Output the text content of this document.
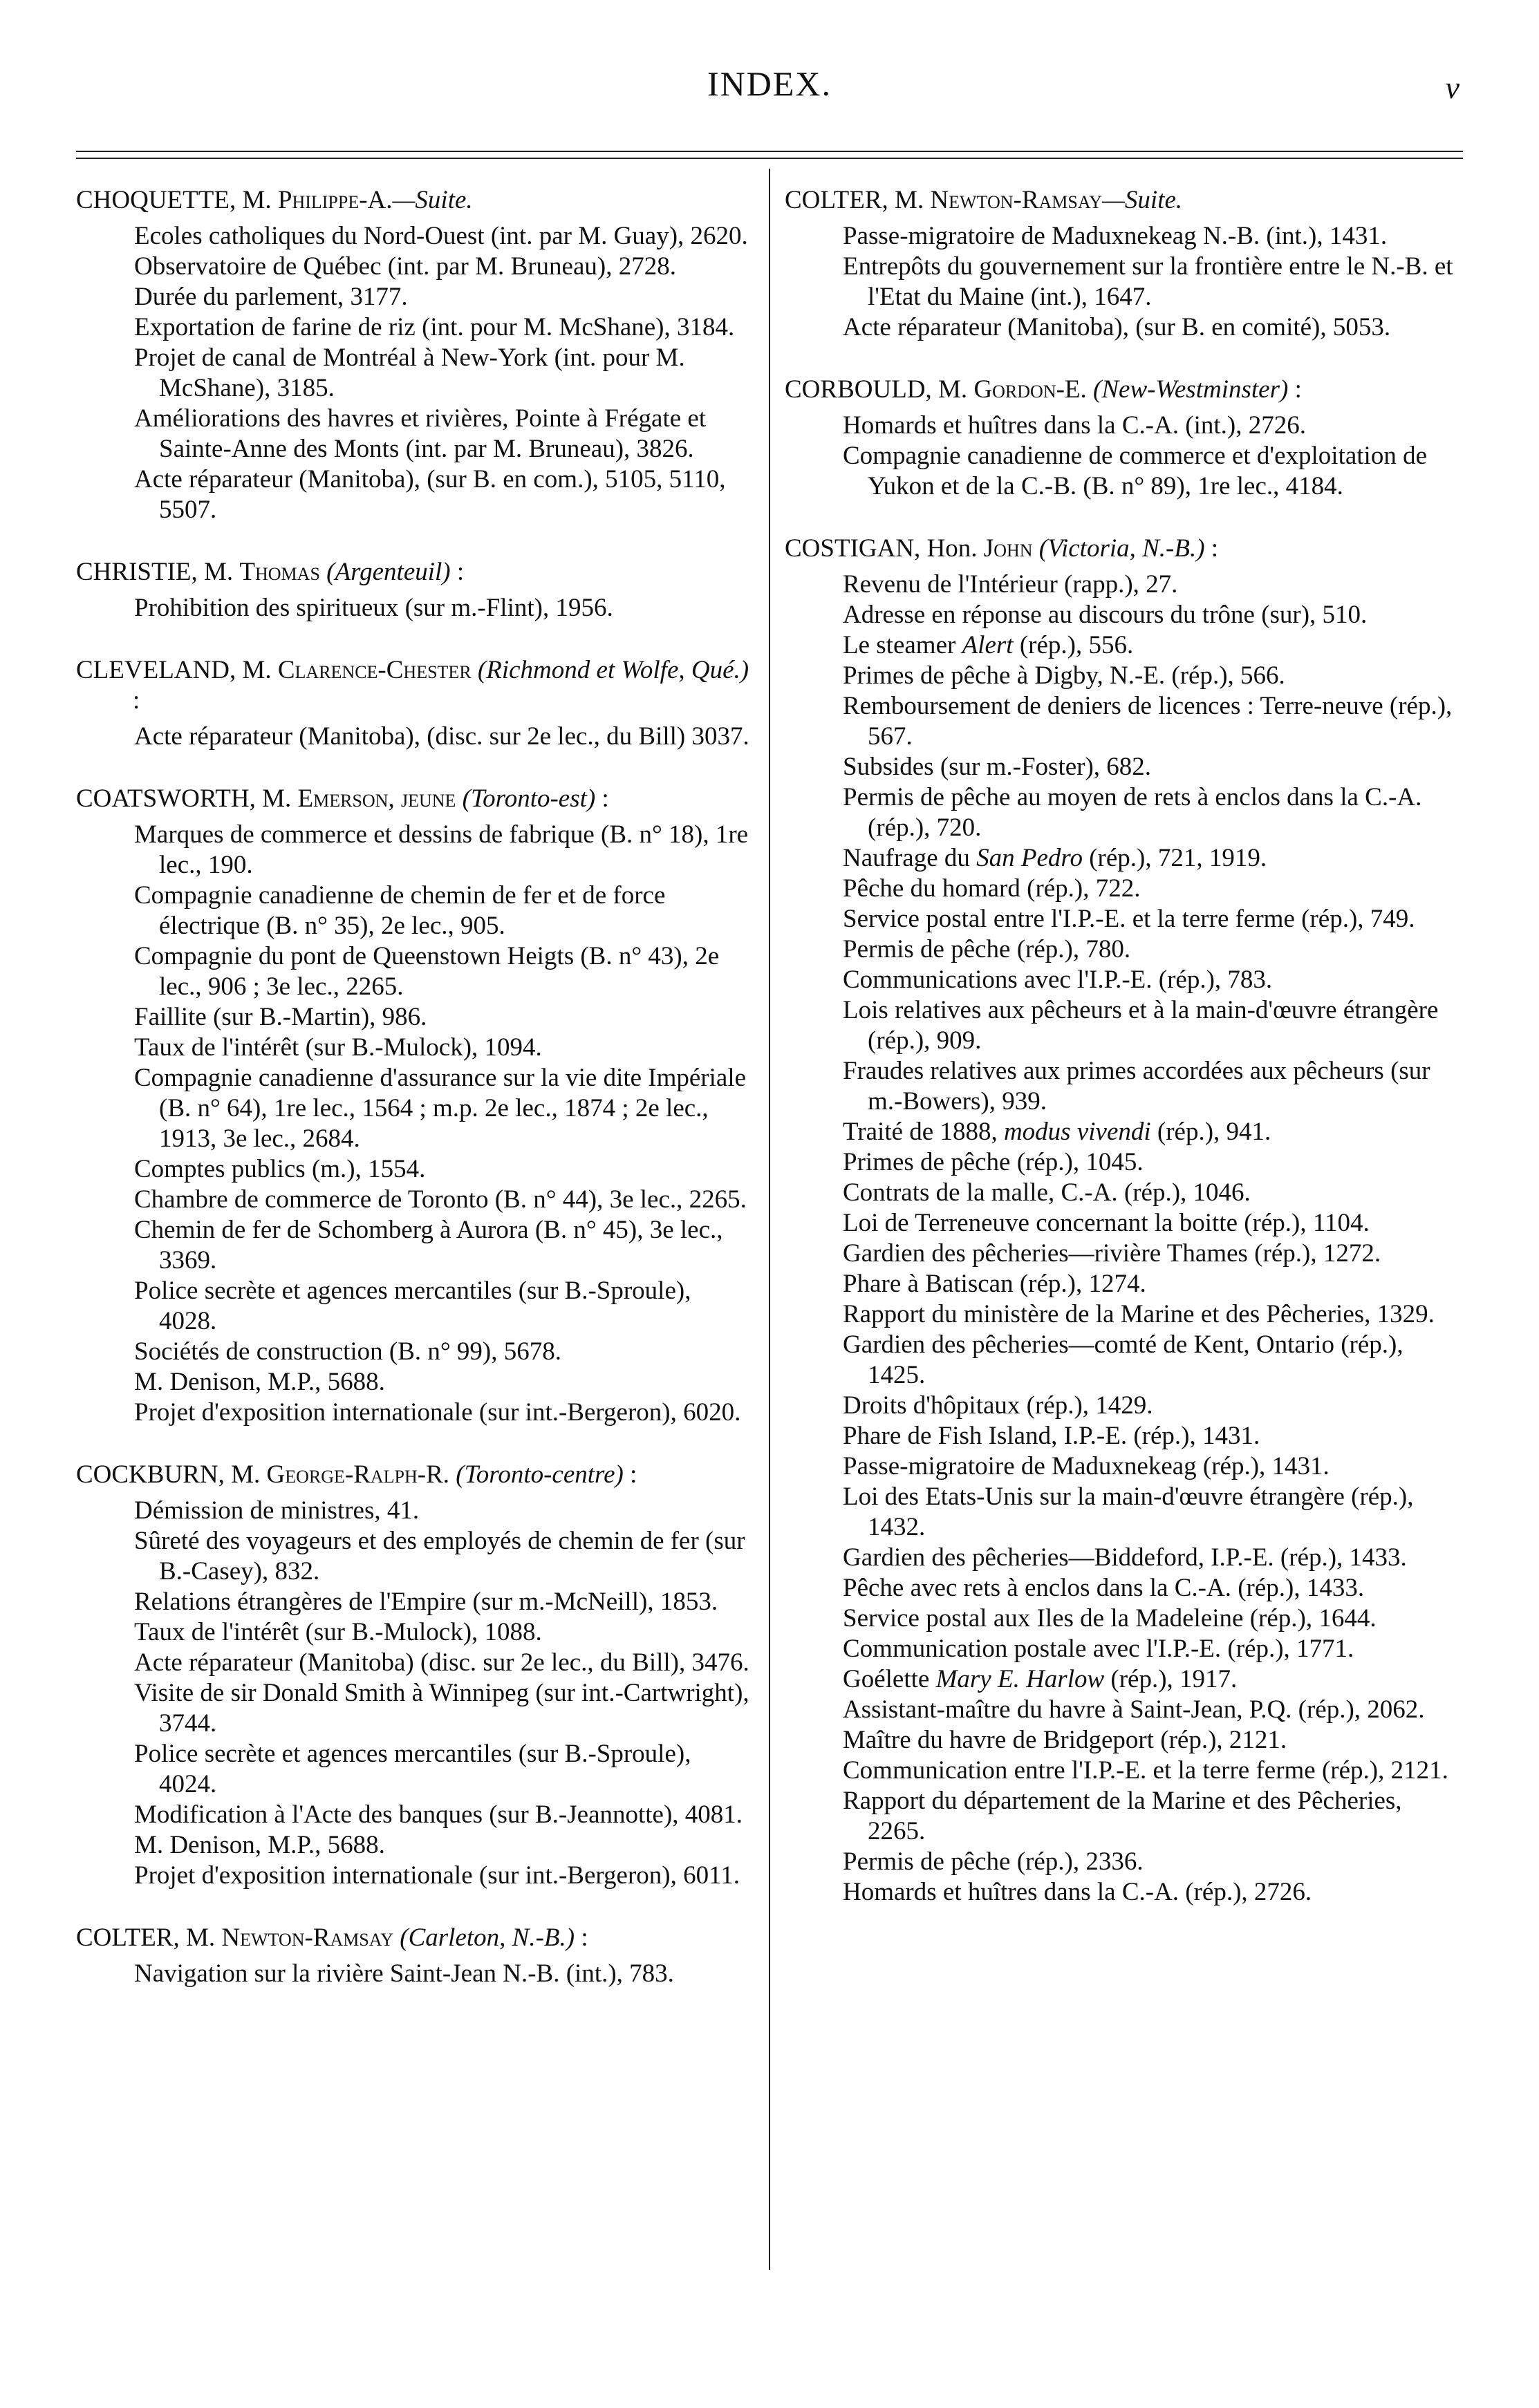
INDEX.	v
CHOQUETTE, M. Philippe-A.—Suite.
Ecoles catholiques du Nord-Ouest (int. par M. Guay), 2620.
Observatoire de Québec (int. par M. Bruneau), 2728.
Durée du parlement, 3177.
Exportation de farine de riz (int. pour M. McShane), 3184.
Projet de canal de Montréal à New-York (int. pour M. McShane), 3185.
Améliorations des havres et rivières, Pointe à Frégate et Sainte-Anne des Monts (int. par M. Bruneau), 3826.
Acte réparateur (Manitoba), (sur B. en com.), 5105, 5110, 5507.
CHRISTIE, M. Thomas (Argenteuil) :
Prohibition des spiritueux (sur m.-Flint), 1956.
CLEVELAND, M. Clarence-Chester (Richmond et Wolfe, Qué.) :
Acte réparateur (Manitoba), (disc. sur 2e lec., du Bill) 3037.
COATSWORTH, M. Emerson, jeune (Toronto-est) :
Marques de commerce et dessins de fabrique (B. n° 18), 1re lec., 190.
Compagnie canadienne de chemin de fer et de force électrique (B. n° 35), 2e lec., 905.
Compagnie du pont de Queenstown Heigts (B. n° 43), 2e lec., 906 ; 3e lec., 2265.
Faillite (sur B.-Martin), 986.
Taux de l'intérêt (sur B.-Mulock), 1094.
Compagnie canadienne d'assurance sur la vie dite Impériale (B. n° 64), 1re lec., 1564 ; m.p. 2e lec., 1874 ; 2e lec., 1913, 3e lec., 2684.
Comptes publics (m.), 1554.
Chambre de commerce de Toronto (B. n° 44), 3e lec., 2265.
Chemin de fer de Schomberg à Aurora (B. n° 45), 3e lec., 3369.
Police secrète et agences mercantiles (sur B.-Sproule), 4028.
Sociétés de construction (B. n° 99), 5678.
M. Denison, M.P., 5688.
Projet d'exposition internationale (sur int.-Bergeron), 6020.
COCKBURN, M. George-Ralph-R. (Toronto-centre) :
Démission de ministres, 41.
Sûreté des voyageurs et des employés de chemin de fer (sur B.-Casey), 832.
Relations étrangères de l'Empire (sur m.-McNeill), 1853.
Taux de l'intérêt (sur B.-Mulock), 1088.
Acte réparateur (Manitoba) (disc. sur 2e lec., du Bill), 3476.
Visite de sir Donald Smith à Winnipeg (sur int.-Cartwright), 3744.
Police secrète et agences mercantiles (sur B.-Sproule), 4024.
Modification à l'Acte des banques (sur B.-Jeannotte), 4081.
M. Denison, M.P., 5688.
Projet d'exposition internationale (sur int.-Bergeron), 6011.
COLTER, M. Newton-Ramsay (Carleton, N.-B.) :
Navigation sur la rivière Saint-Jean N.-B. (int.), 783.
COLTER, M. Newton-Ramsay—Suite.
Passe-migratoire de Maduxnekeag N.-B. (int.), 1431.
Entrepôts du gouvernement sur la frontière entre le N.-B. et l'Etat du Maine (int.), 1647.
Acte réparateur (Manitoba), (sur B. en comité), 5053.
CORBOULD, M. Gordon-E. (New-Westminster) :
Homards et huîtres dans la C.-A. (int.), 2726.
Compagnie canadienne de commerce et d'exploitation de Yukon et de la C.-B. (B. n° 89), 1re lec., 4184.
COSTIGAN, Hon. John (Victoria, N.-B.) :
Revenu de l'Intérieur (rapp.), 27.
Adresse en réponse au discours du trône (sur), 510.
Le steamer Alert (rép.), 556.
Primes de pêche à Digby, N.-E. (rép.), 566.
Remboursement de deniers de licences : Terre-neuve (rép.), 567.
Subsides (sur m.-Foster), 682.
Permis de pêche au moyen de rets à enclos dans la C.-A. (rép.), 720.
Naufrage du San Pedro (rép.), 721, 1919.
Pêche du homard (rép.), 722.
Service postal entre l'I.P.-E. et la terre ferme (rép.), 749.
Permis de pêche (rép.), 780.
Communications avec l'I.P.-E. (rép.), 783.
Lois relatives aux pêcheurs et à la main-d'œuvre étrangère (rép.), 909.
Fraudes relatives aux primes accordées aux pêcheurs (sur m.-Bowers), 939.
Traité de 1888, modus vivendi (rép.), 941.
Primes de pêche (rép.), 1045.
Contrats de la malle, C.-A. (rép.), 1046.
Loi de Terreneuve concernant la boitte (rép.), 1104.
Gardien des pêcheries—rivière Thames (rép.), 1272.
Phare à Batiscan (rép.), 1274.
Rapport du ministère de la Marine et des Pêcheries, 1329.
Gardien des pêcheries—comté de Kent, Ontario (rép.), 1425.
Droits d'hôpitaux (rép.), 1429.
Phare de Fish Island, I.P.-E. (rép.), 1431.
Passe-migratoire de Maduxnekeag (rép.), 1431.
Loi des Etats-Unis sur la main-d'œuvre étrangère (rép.), 1432.
Gardien des pêcheries—Biddeford, I.P.-E. (rép.), 1433.
Pêche avec rets à enclos dans la C.-A. (rép.), 1433.
Service postal aux Iles de la Madeleine (rép.), 1644.
Communication postale avec l'I.P.-E. (rép.), 1771.
Goélette Mary E. Harlow (rép.), 1917.
Assistant-maître du havre à Saint-Jean, P.Q. (rép.), 2062.
Maître du havre de Bridgeport (rép.), 2121.
Communication entre l'I.P.-E. et la terre ferme (rép.), 2121.
Rapport du département de la Marine et des Pêcheries, 2265.
Permis de pêche (rép.), 2336.
Homards et huîtres dans la C.-A. (rép.), 2726.
